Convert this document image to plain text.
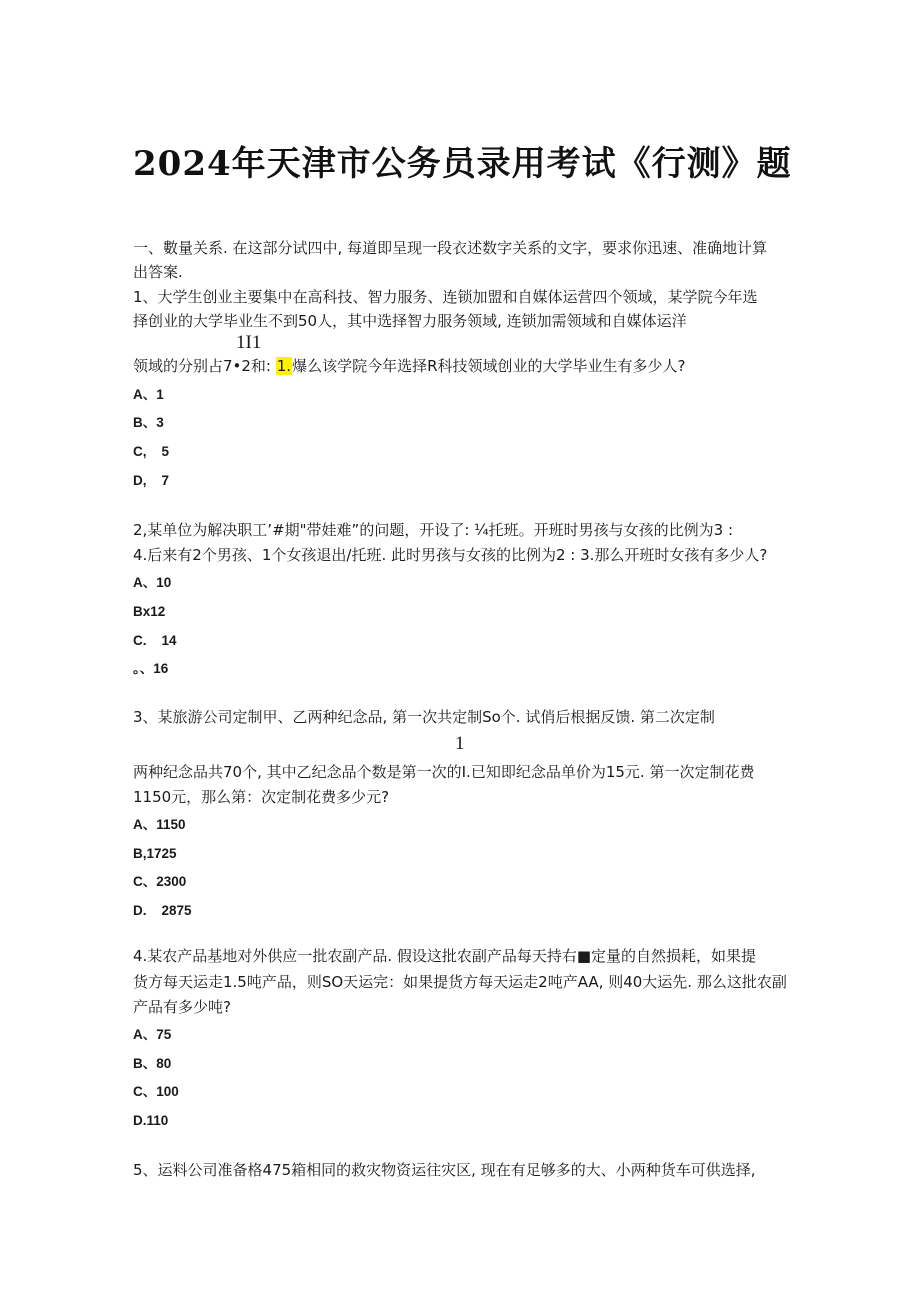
2024年天津市公务员录用考试《行测》题
一、數量关系. 在这部分试四中, 每道即呈现一段衣述数字关系的文字，要求你迅速、准确地计算
出答案.
1、大学生创业主要集中在高科技、智力服务、连锁加盟和自媒体运营四个领域，某学院今年选
择创业的大学毕业生不到50人，其中选择智力服务领域, 连锁加需领域和自媒体运洋
1I1
领域的分别占7•2和: 1.爆么该学院今年选择R科技领域创业的大学毕业生有多少人?
A、1
B、3
C,    5
D,    7
2,某单位为解决职工’#期"带娃难”的问题，开设了: ¼托班。开班时男孩与女孩的比例为3 :
4.后来有2个男孩、1个女孩退出/托班. 此时男孩与女孩的比例为2 : 3.那么开班时女孩有多少人?
A、10
Bx12
C.    14
。、16
3、某旅游公司定制甲、乙两种纪念品, 第一次共定制So个. 试俏后根据反馈. 第二次定制
1
两种纪念品共70个, 其中乙纪念品个数是第一次的I.已知即纪念品单价为15元. 第一次定制花费
1150元，那么第：次定制花费多少元?
A、1150
B,1725
C、2300
D.    2875
4.某农产品基地对外供应一批农副产品. 假设这批农副产品每天持右■定量的自然损耗，如果提
货方每天运走1.5吨产品，则SO天运完：如果提货方每天运走2吨产AA, 则40大运先. 那么这批农副
产品有多少吨?
A、75
B、80
C、100
D.110
5、运料公司准备格475箱相同的救灾物资运往灾区, 现在有足够多的大、小两种货车可供选择,
